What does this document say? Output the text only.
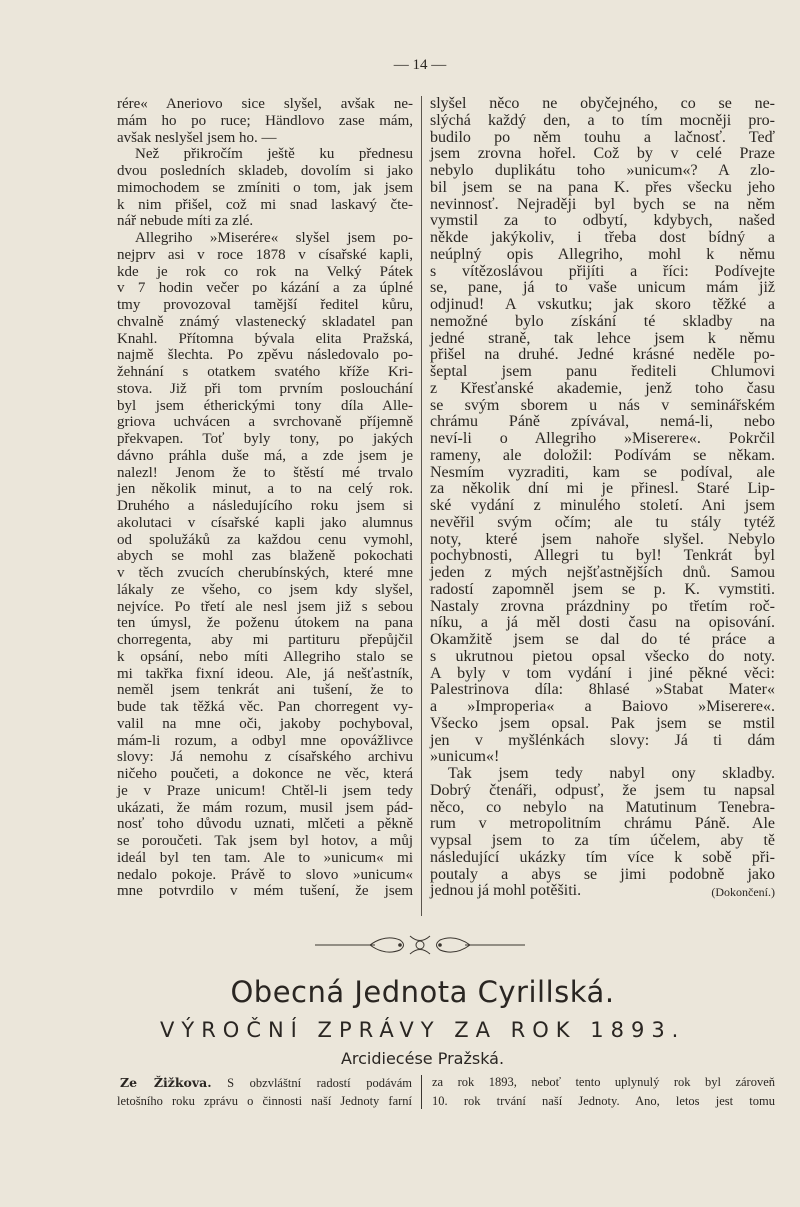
— 14 —
rére« Aneriovo sice slyšel, avšak ne-
mám ho po ruce; Händlovo zase mám,
avšak neslyšel jsem ho. —
Než přikročím ještě ku přednesu
dvou posledních skladeb, dovolím si jako
mimochodem se zmíniti o tom, jak jsem
k nim přišel, což mi snad laskavý čte-
nář nebude míti za zlé.
Allegriho »Miserére« slyšel jsem po-
nejprv asi v roce 1878 v císařské kapli,
kde je rok co rok na Velký Pátek
v 7 hodin večer po kázání a za úplné
tmy provozoval tamější ředitel kůru,
chvalně známý vlastenecký skladatel pan
Knahl. Přítomna bývala elita Pražská,
najmě šlechta. Po zpěvu následovalo po-
žehnání s otatkem svatého kříže Kri-
stova. Již při tom prvním poslouchání
byl jsem étherickými tony díla Alle-
griova uchvácen a svrchovaně příjemně
překvapen. Toť byly tony, po jakých
dávno práhla duše má, a zde jsem je
nalezl! Jenom že to štěstí mé trvalo
jen několik minut, a to na celý rok.
Druhého a následujícího roku jsem si
akolutaci v císařské kapli jako alumnus
od spolužáků za každou cenu vymohl,
abych se mohl zas blaženě pokochati
v těch zvucích cherubínských, které mne
lákaly ze všeho, co jsem kdy slyšel,
nejvíce. Po třetí ale nesl jsem již s sebou
ten úmysl, že poženu útokem na pana
chorregenta, aby mi partituru přepůjčil
k opsání, nebo míti Allegriho stalo se
mi takřka fixní ideou. Ale, já nešťastník,
neměl jsem tenkrát ani tušení, že to
bude tak těžká věc. Pan chorregent vy-
valil na mne oči, jakoby pochyboval,
mám-li rozum, a odbyl mne opovážlivce
slovy: Já nemohu z císařského archivu
ničeho poučeti, a dokonce ne věc, která
je v Praze unicum! Chtěl-li jsem tedy
ukázati, že mám rozum, musil jsem pád-
nosť toho důvodu uznati, mlčeti a pěkně
se poroučeti. Tak jsem byl hotov, a můj
ideál byl ten tam. Ale to »unicum« mi
nedalo pokoje. Právě to slovo »unicum«
mne potvrdilo v mém tušení, že jsem
slyšel něco ne obyčejného, co se ne-
slýchá každý den, a to tím mocněji pro-
budilo po něm touhu a lačnosť. Teď
jsem zrovna hořel. Což by v celé Praze
nebylo duplikátu toho »unicum«? A zlo-
bil jsem se na pana K. přes všecku jeho
nevinnosť. Nejraději byl bych se na něm
vymstil za to odbytí, kdybych, našed
někde jakýkoliv, i třeba dost bídný a
neúplný opis Allegriho, mohl k němu
s vítězoslávou přijíti a říci: Podívejte
se, pane, já to vaše unicum mám již
odjinud! A vskutku; jak skoro těžké a
nemožné bylo získání té skladby na
jedné straně, tak lehce jsem k němu
přišel na druhé. Jedné krásné neděle po-
šeptal jsem panu řediteli Chlumovi
z Křesťanské akademie, jenž toho času
se svým sborem u nás v seminářském
chrámu Páně zpívával, nemá-li, nebo
neví-li o Allegriho »Miserere«. Pokrčil
rameny, ale doložil: Podívám se někam.
Nesmím vyzraditi, kam se podíval, ale
za několik dní mi je přinesl. Staré Lip-
ské vydání z minulého století. Ani jsem
nevěřil svým očím; ale tu stály tytéž
noty, které jsem nahoře slyšel. Nebylo
pochybnosti, Allegri tu byl! Tenkrát byl
jeden z mých nejšťastnějších dnů. Samou
radostí zapomněl jsem se p. K. vymstiti.
Nastaly zrovna prázdniny po třetím roč-
níku, a já měl dosti času na opisování.
Okamžitě jsem se dal do té práce a
s ukrutnou pietou opsal všecko do noty.
A byly v tom vydání i jiné pěkné věci:
Palestrinova díla: 8hlasé »Stabat Mater«
a »Improperia« a Baiovo »Miserere«.
Všecko jsem opsal. Pak jsem se mstil
jen v myšlénkách slovy: Já ti dám
»unicum«!
Tak jsem tedy nabyl ony skladby.
Dobrý čtenáři, odpusť, že jsem tu napsal
něco, co nebylo na Matutinum Tenebra-
rum v metropolitním chrámu Páně. Ale
vypsal jsem to za tím účelem, aby tě
následující ukázky tím více k sobě při-
poutaly a abys se jimi podobně jako
jednou já mohl potěšiti.	(Dokončení.)
Obecná Jednota Cyrillská.
VÝROČNÍ ZPRÁVY ZA ROK 1893.
Arcidiecése Pražská.
Ze Žižkova. S obzvláštní radostí podávám
letošního roku zprávu o činnosti naší Jednoty farní
za rok 1893, neboť tento uplynulý rok byl zároveň
10. rok trvání naší Jednoty. Ano, letos jest tomu
